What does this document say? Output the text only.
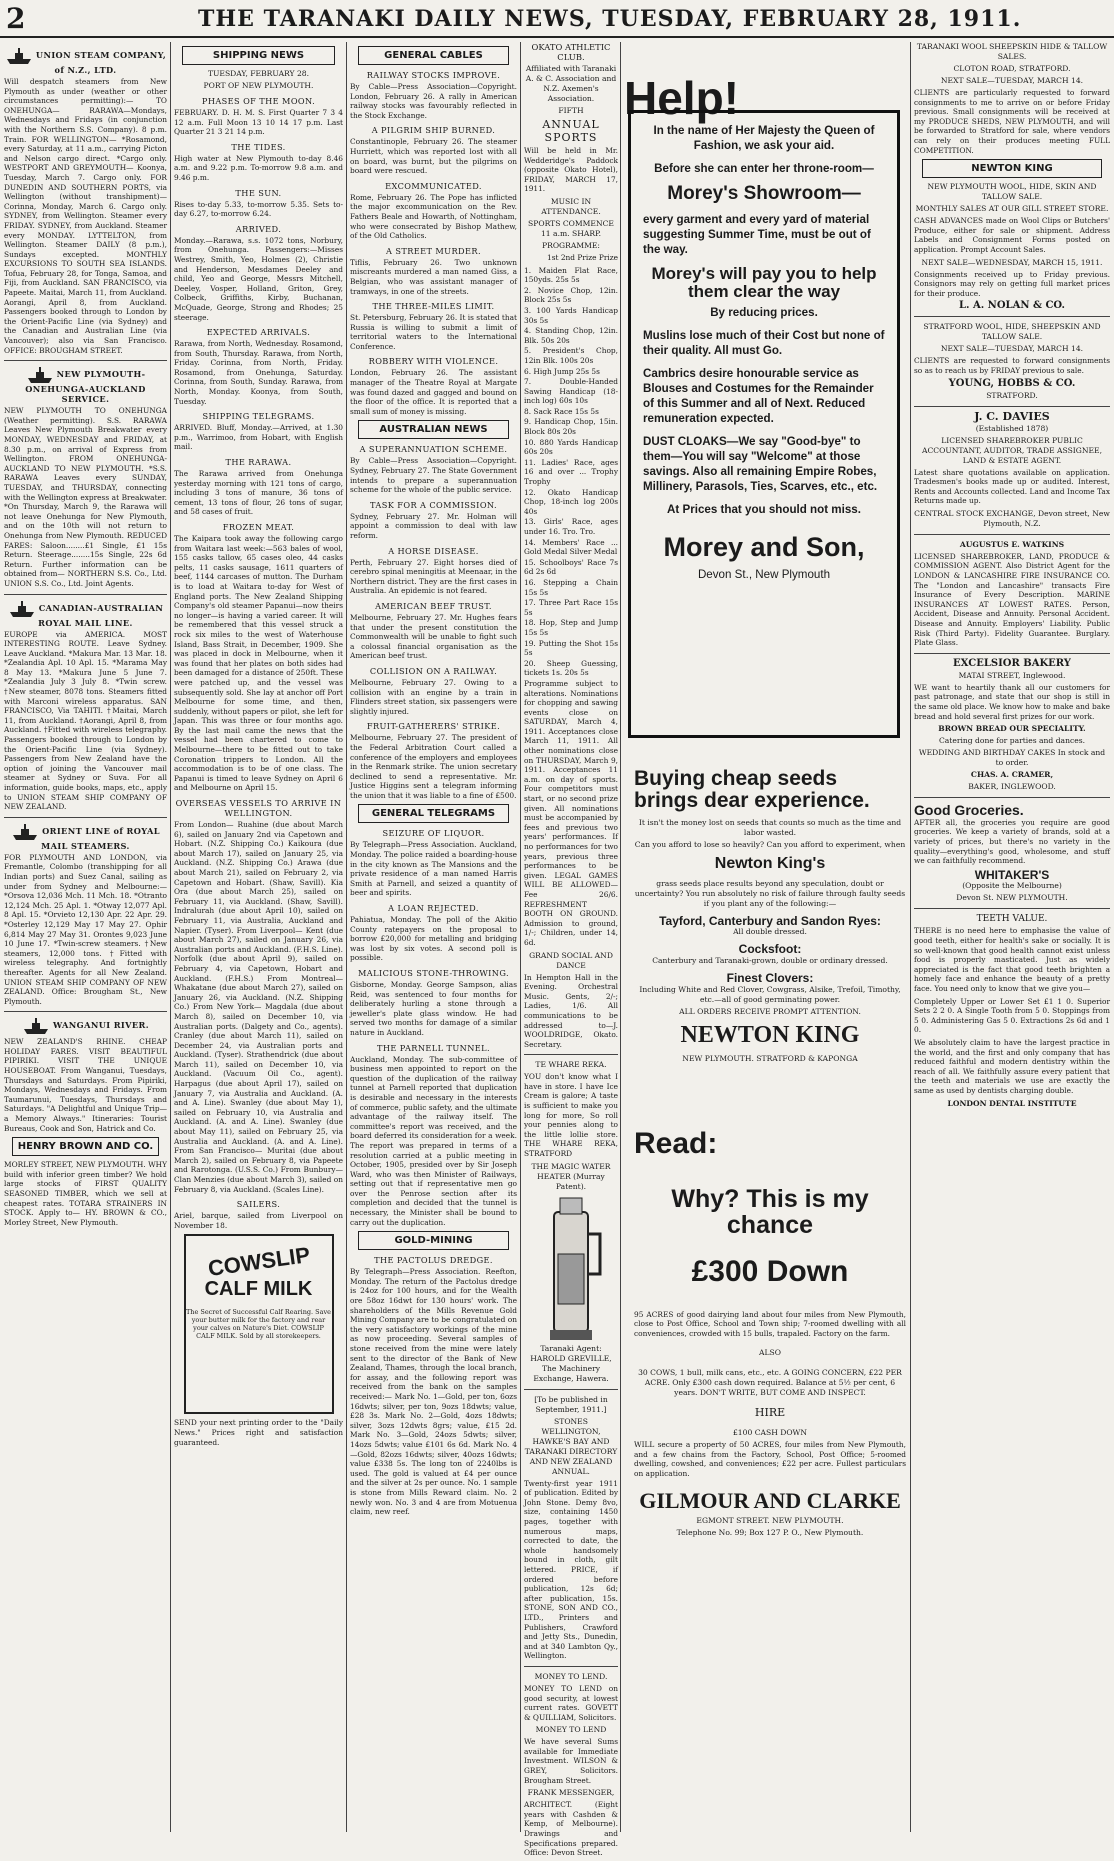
2	THE TARANAKI DAILY NEWS, TUESDAY, FEBRUARY 28, 1911.
UNION STEAM COMPANY, of N.Z., LTD.

Will despatch steamers from New Plymouth as under (weather or other circumstances permitting):— TO ONEHUNGA— RARAWA—Mondays, Wednesdays and Fridays (in conjunction with the Northern S.S. Company). 8 p.m. Train. FOR WELLINGTON— *Rosamond, every Saturday, at 11 a.m., carrying Picton and Nelson cargo direct. *Cargo only. WESTPORT AND GREYMOUTH— Koonya, Tuesday, March 7. Cargo only. FOR DUNEDIN AND SOUTHERN PORTS, via Wellington (without transhipment)— Corinna, Monday, March 6. Cargo only. SYDNEY, from Wellington. Steamer every FRIDAY. SYDNEY, from Auckland. Steamer every MONDAY. LYTTELTON, from Wellington. Steamer DAILY (8 p.m.), Sundays excepted. MONTHLY EXCURSIONS TO SOUTH SEA ISLANDS. Tofua, February 28, for Tonga, Samoa, and Fiji, from Auckland. SAN FRANCISCO, via Papeete. Maitai, March 11, from Auckland. Aorangi, April 8, from Auckland. Passengers booked through to London by the Orient-Pacific Line (via Sydney) and the Canadian and Australian Line (via Vancouver); also via San Francisco. OFFICE: BROUGHAM STREET.

NEW PLYMOUTH-ONEHUNGA-AUCKLAND SERVICE.

NEW PLYMOUTH TO ONEHUNGA (Weather permitting). S.S. RARAWA Leaves New Plymouth Breakwater every MONDAY, WEDNESDAY and FRIDAY, at 8.30 p.m., on arrival of Express from Wellington. FROM ONEHUNGA-AUCKLAND TO NEW PLYMOUTH. *S.S. RARAWA Leaves every SUNDAY, TUESDAY, and THURSDAY, connecting with the Wellington express at Breakwater. *On Thursday, March 9, the Rarawa will not leave Onehunga for New Plymouth, and on the 10th will not return to Onehunga from New Plymouth. REDUCED FARES: Saloon........£1 Single, £1 15s Return. Steerage........15s Single, 22s 6d Return. Further information can be obtained from— NORTHERN S.S. Co., Ltd. UNION S.S. Co., Ltd. Joint Agents.

CANADIAN-AUSTRALIAN ROYAL MAIL LINE.

EUROPE via AMERICA. MOST INTERESTING ROUTE. Leave Sydney. Leave Auckland. *Makura Mar. 13 Mar. 18. *Zealandia Apl. 10 Apl. 15. *Marama May 8 May 13. *Makura June 5 June 7. *Zealandia July 3 July 8. *Twin screw. †New steamer, 8078 tons. Steamers fitted with Marconi wireless apparatus. SAN FRANCISCO, Via TAHITI. †Maitai, March 11, from Auckland. †Aorangi, April 8, from Auckland. †Fitted with wireless telegraphy. Passengers booked through to London by the Orient-Pacific Line (via Sydney). Passengers from New Zealand have the option of joining the Vancouver mail steamer at Sydney or Suva. For all information, guide books, maps, etc., apply to UNION STEAM SHIP COMPANY OF NEW ZEALAND.

ORIENT LINE of ROYAL MAIL STEAMERS.

FOR PLYMOUTH AND LONDON, via Fremantle, Colombo (transhipping for all Indian ports) and Suez Canal, sailing as under from Sydney and Melbourne:— *Orsova 12,036 Mch. 11 Mch. 18. *Otranto 12,124 Mch. 25 Apl. 1. *Otway 12,077 Apl. 8 Apl. 15. *Orvieto 12,130 Apr. 22 Apr. 29. *Osterley 12,129 May 17 May 27. Ophir 6,814 May 27 May 31. Orontes 9,023 June 10 June 17. *Twin-screw steamers. †New steamers, 12,000 tons. †Fitted with wireless telegraphy. And fortnightly thereafter. Agents for all New Zealand. UNION STEAM SHIP COMPANY OF NEW ZEALAND. Office: Brougham St., New Plymouth.

WANGANUI RIVER.

NEW ZEALAND'S RHINE. CHEAP HOLIDAY FARES. VISIT BEAUTIFUL PIPIRIKI. VISIT THE UNIQUE HOUSEBOAT. From Wanganui, Tuesdays, Thursdays and Saturdays. From Pipiriki, Mondays, Wednesdays and Fridays. From Taumarunui, Tuesdays, Thursdays and Saturdays. "A Delightful and Unique Trip—a Memory Always." Itineraries: Tourist Bureaus, Cook and Son, Hatrick and Co.

HENRY BROWN AND CO.

MORLEY STREET, NEW PLYMOUTH. WHY build with inferior green timber? We hold large stocks of FIRST QUALITY SEASONED TIMBER, which we sell at cheapest rates. TOTARA STRAINERS IN STOCK. Apply to— HY. BROWN & CO., Morley Street, New Plymouth.

SHIPPING NEWS

TUESDAY, FEBRUARY 28.

PORT OF NEW PLYMOUTH.

PHASES OF THE MOON.

FEBRUARY. D. H. M. S. First Quarter 7 3 4 12 a.m. Full Moon 13 10 14 17 p.m. Last Quarter 21 3 21 14 p.m.

THE TIDES.

High water at New Plymouth to-day 8.46 a.m. and 9.22 p.m. To-morrow 9.8 a.m. and 9.46 p.m.

THE SUN.

Rises to-day 5.33, to-morrow 5.35. Sets to-day 6.27, to-morrow 6.24.

ARRIVED.

Monday.—Rarawa, s.s. 1072 tons, Norbury, from Onehunga. Passengers:—Misses Westrey, Smith, Yeo, Holmes (2), Christie and Henderson, Mesdames Deeley and child, Yeo and George, Messrs Mitchell, Deeley, Vosper, Holland, Griton, Grey, Colbeck, Griffiths, Kirby, Buchanan, McQuade, George, Strong and Rhodes; 25 steerage.

EXPECTED ARRIVALS.

Rarawa, from North, Wednesday. Rosamond, from South, Thursday. Rarawa, from North, Friday. Corinna, from North, Friday. Rosamond, from Onehunga, Saturday. Corinna, from South, Sunday. Rarawa, from North, Monday. Koonya, from South, Tuesday.

SHIPPING TELEGRAMS.

ARRIVED. Bluff, Monday.—Arrived, at 1.30 p.m., Warrimoo, from Hobart, with English mail.

THE RARAWA.

The Rarawa arrived from Onehunga yesterday morning with 121 tons of cargo, including 3 tons of manure, 36 tons of cement, 13 tons of flour, 26 tons of sugar, and 58 cases of fruit.

FROZEN MEAT.

The Kaipara took away the following cargo from Waitara last week:—563 bales of wool, 155 casks tallow, 65 cases oleo, 44 casks pelts, 11 casks sausage, 1611 quarters of beef, 1144 carcases of mutton. The Durham is to load at Waitara to-day for West of England ports. The New Zealand Shipping Company's old steamer Papanui—now theirs no longer—is having a varied career. It will be remembered that this vessel struck a rock six miles to the west of Waterhouse Island, Bass Strait, in December, 1909. She was placed in dock in Melbourne, when it was found that her plates on both sides had been damaged for a distance of 250ft. These were patched up, and the vessel was subsequently sold. She lay at anchor off Port Melbourne for some time, and then, suddenly, without papers or pilot, she left for Japan. This was three or four months ago. By the last mail came the news that the vessel had been chartered to come to Melbourne—there to be fitted out to take Coronation trippers to London. All the accommodation is to be of one class. The Papanui is timed to leave Sydney on April 6 and Melbourne on April 15.

OVERSEAS VESSELS TO ARRIVE IN WELLINGTON.

From London— Ruahine (due about March 6), sailed on January 2nd via Capetown and Hobart. (N.Z. Shipping Co.) Kaikoura (due about March 17), sailed on January 25, via Auckland. (N.Z. Shipping Co.) Arawa (due about March 21), sailed on February 2, via Capetown and Hobart. (Shaw, Savill). Kia Ora (due about March 25), sailed on February 11, via Auckland. (Shaw, Savill). Indralurah (due about April 10), sailed on February 11, via Australia, Auckland and Napier. (Tyser). From Liverpool— Kent (due about March 27), sailed on January 26, via Australian ports and Auckland. (F.H.S. Line). Norfolk (due about April 9), sailed on February 4, via Capetown, Hobart and Auckland. (F.H.S.) From Montreal— Whakatane (due about March 27), sailed on January 26, via Auckland. (N.Z. Shipping Co.) From New York— Magdala (due about March 8), sailed on December 10, via Australian ports. (Dalgety and Co., agents). Cranley (due about March 11), sailed on December 24, via Australian ports and Auckland. (Tyser). Strathendrick (due about March 11), sailed on December 10, via Auckland. (Vacuum Oil Co., agent). Harpagus (due about April 17), sailed on January 7, via Australia and Auckland. (A. and A. Line). Swanley (due about May 1), sailed on February 10, via Australia and Auckland. (A. and A. Line). Swanley (due about May 11), sailed on February 25, via Australia and Auckland. (A. and A. Line). From San Francisco— Muritai (due about March 2), sailed on February 8, via Papeete and Rarotonga. (U.S.S. Co.) From Bunbury— Clan Menzies (due about March 3), sailed on February 8, via Auckland. (Scales Line).

SAILERS.

Ariel, barque, sailed from Liverpool on November 18.

COWSLIP
CALF MILK

The Secret of Successful Calf Rearing. Save your butter milk for the factory and rear your calves on Nature's Diet. COWSLIP CALF MILK. Sold by all storekeepers.

SEND your next printing order to the "Daily News." Prices right and satisfaction guaranteed.

GENERAL CABLES
RAILWAY STOCKS IMPROVE.

By Cable—Press Association—Copyright. London, February 26. A rally in American railway stocks was favourably reflected in the Stock Exchange.

A PILGRIM SHIP BURNED.

Constantinople, February 26. The steamer Hurriett, which was reported lost with all on board, was burnt, but the pilgrims on board were rescued.

EXCOMMUNICATED.

Rome, February 26. The Pope has inflicted the major excommunication on the Rev. Fathers Beale and Howarth, of Nottingham, who were consecrated by Bishop Mathew, of the Old Catholics.

A STREET MURDER.

Tiflis, February 26. Two unknown miscreants murdered a man named Giss, a Belgian, who was assistant manager of tramways, in one of the streets.

THE THREE-MILES LIMIT.

St. Petersburg, February 26. It is stated that Russia is willing to submit a limit of territorial waters to the International Conference.

ROBBERY WITH VIOLENCE.

London, February 26. The assistant manager of the Theatre Royal at Margate was found dazed and gagged and bound on the floor of the office. It is reported that a small sum of money is missing.

AUSTRALIAN NEWS
A SUPERANNUATION SCHEME.

By Cable—Press Association—Copyright. Sydney, February 27. The State Government intends to prepare a superannuation scheme for the whole of the public service.

TASK FOR A COMMISSION.

Sydney, February 27. Mr. Holman will appoint a commission to deal with law reform.

A HORSE DISEASE.

Perth, February 27. Eight horses died of cerebro spinal meningitis at Meenaar, in the Northern district. They are the first cases in Australia. An epidemic is not feared.

AMERICAN BEEF TRUST.

Melbourne, February 27. Mr. Hughes fears that under the present constitution the Commonwealth will be unable to fight such a colossal financial organisation as the American beef trust.

COLLISION ON A RAILWAY.

Melbourne, February 27. Owing to a collision with an engine by a train in Flinders street station, six passengers were slightly injured.

FRUIT-GATHERERS' STRIKE.

Melbourne, February 27. The president of the Federal Arbitration Court called a conference of the employers and employees in the Renmark strike. The union secretary declined to send a representative. Mr. Justice Higgins sent a telegram informing the union that it was liable to a fine of £500.

GENERAL TELEGRAMS
SEIZURE OF LIQUOR.

By Telegraph—Press Association. Auckland, Monday. The police raided a boarding-house in the city known as The Mansions and the private residence of a man named Harris Smith at Parnell, and seized a quantity of beer and spirits.

A LOAN REJECTED.

Pahiatua, Monday. The poll of the Akitio County ratepayers on the proposal to borrow £20,000 for metalling and bridging was lost by six votes. A second poll is possible.

MALICIOUS STONE-THROWING.

Gisborne, Monday. George Sampson, alias Reid, was sentenced to four months for deliberately hurling a stone through a jeweller's plate glass window. He had served two months for damage of a similar nature in Auckland.

THE PARNELL TUNNEL.

Auckland, Monday. The sub-committee of business men appointed to report on the question of the duplication of the railway tunnel at Parnell reported that duplication is desirable and necessary in the interests of commerce, public safety, and the ultimate advantage of the railway itself. The committee's report was received, and the board deferred its consideration for a week. The report was prepared in terms of a resolution carried at a public meeting in October, 1905, presided over by Sir Joseph Ward, who was then Minister of Railways, setting out that if representative men go over the Penrose section after its completion and decided that the tunnel is necessary, the Minister shall be bound to carry out the duplication.

GOLD-MINING
THE PACTOLUS DREDGE.

By Telegraph—Press Association. Reefton, Monday. The return of the Pactolus dredge is 24oz for 100 hours, and for the Wealth ore 58oz 16dwt for 130 hours' work. The shareholders of the Mills Revenue Gold Mining Company are to be congratulated on the very satisfactory workings of the mine as now proceeding. Several samples of stone received from the mine were lately sent to the director of the Bank of New Zealand, Thames, through the local branch, for assay, and the following report was received from the bank on the samples received:— Mark No. 1—Gold, per ton, 6ozs 16dwts; silver, per ton, 9ozs 18dwts; value, £28 3s. Mark No. 2—Gold, 4ozs 18dwts; silver, 3ozs 12dwts 8grs; value, £15 2d. Mark No. 3—Gold, 24ozs 5dwts; silver, 14ozs 5dwts; value £101 6s 6d. Mark No. 4—Gold, 82ozs 16dwts; silver, 40ozs 16dwts; value £338 5s. The long ton of 2240lbs is used. The gold is valued at £4 per ounce and the silver at 2s per ounce. No. 1 sample is stone from Mills Reward claim. No. 2 newly won. No. 3 and 4 are from Motuenua claim, new reef.

OKATO ATHLETIC CLUB.

Affiliated with Taranaki A. & C. Association and N.Z. Axemen's Association.

FIFTH

ANNUAL SPORTS

Will be held in Mr. Wedderidge's Paddock (opposite Okato Hotel), FRIDAY, MARCH 17, 1911.

MUSIC IN ATTENDANCE.

SPORTS COMMENCE 11 a.m. SHARP.

PROGRAMME:

1st 2nd Prize Prize

1. Maiden Flat Race, 150yds. 25s 5s

2. Novice Chop, 12in. Block 25s 5s

3. 100 Yards Handicap 30s 5s

4. Standing Chop, 12in. Blk. 50s 20s

5. President's Chop, 12in Blk. 100s 20s

6. High Jump 25s 5s

7. Double-Handed Sawing Handicap (18-inch log) 60s 10s

8. Sack Race 15s 5s

9. Handicap Chop, 15in. Block 80s 20s

10. 880 Yards Handicap 60s 20s

11. Ladies' Race, ages 16 and over ... Trophy Trophy

12. Okato Handicap Chop, 18-inch log 200s 40s

13. Girls' Race, ages under 16. Tro. Tro.

14. Members' Race ... Gold Medal Silver Medal

15. Schoolboys' Race 7s 6d 2s 6d

16. Stepping a Chain 15s 5s

17. Three Part Race 15s 5s

18. Hop, Step and Jump 15s 5s

19. Putting the Shot 15s 5s

20. Sheep Guessing, tickets 1s. 20s 5s

Programme subject to alterations. Nominations for chopping and sawing events close on SATURDAY, March 4, 1911. Acceptances close March 11, 1911. All other nominations close on THURSDAY, March 9, 1911. Acceptances 11 a.m. on day of sports. Four competitors must start, or no second prize given. All nominations must be accompanied by fees and previous two years' performances. If no performances for two years, previous three performances to be given. LEGAL GAMES WILL BE ALLOWED—Fee 26/6. REFRESHMENT BOOTH ON GROUND. Admission to ground, 1/-; Children, under 14, 6d.

GRAND SOCIAL AND DANCE

In Hempton Hall in the Evening. Orchestral Music. Gents, 2/-; Ladies, 1/6. All communications to be addressed to—J. WOOLDRIDGE, Okato. Secretary.

TE WHARE REKA.

YOU don't know what I have in store. I have Ice Cream is galore; A taste is sufficient to make you long for more, So roll your pennies along to the little lollie store. THE WHARE REKA, STRATFORD

THE MAGIC WATER HEATER (Murray Patent).

Taranaki Agent: HAROLD GREVILLE, The Machinery Exchange, Hawera.

[To be published in September, 1911.]

STONES WELLINGTON, HAWKE'S BAY AND TARANAKI DIRECTORY AND NEW ZEALAND ANNUAL.

Twenty-first year 1911 of publication. Edited by John Stone. Demy 8vo, size, containing 1450 pages, together with numerous maps, corrected to date, the whole handsomely bound in cloth, gilt lettered. PRICE, if ordered before publication, 12s 6d; after publication, 15s. STONE, SON AND CO., LTD., Printers and Publishers, Crawford and Jetty Sts., Dunedin, and at 340 Lambton Qy., Wellington.

MONEY TO LEND.

MONEY TO LEND on good security, at lowest current rates. GOVETT & QUILLIAM, Solicitors.

MONEY TO LEND

We have several Sums available for Immediate Investment. WILSON & GREY, Solicitors. Brougham Street.

FRANK MESSENGER,

ARCHITECT. (Eight years with Cashden & Kemp, of Melbourne). Drawings and Specifications prepared. Office: Devon Street.

Help!

In the name of Her Majesty the Queen of Fashion, we ask your aid.

Before she can enter her throne-room—

Morey's Showroom—

every garment and every yard of material suggesting Summer Time, must be out of the way.

Morey's will pay you to help them clear the way

By reducing prices.

Muslins lose much of their Cost but none of their quality. All must Go.

Cambrics desire honourable service as Blouses and Costumes for the Remainder of this Summer and all of Next. Reduced remuneration expected.

DUST CLOAKS—We say "Good-bye" to them—You will say "Welcome" at those savings. Also all remaining Empire Robes, Millinery, Parasols, Ties, Scarves, etc., etc.

At Prices that you should not miss.

Morey and Son,

Devon St., New Plymouth

Buying cheap seeds
brings dear experience.

It isn't the money lost on seeds that counts so much as the time and labor wasted.

Can you afford to lose so heavily? Can you afford to experiment, when

Newton King's

grass seeds place results beyond any speculation, doubt or uncertainty? You run absolutely no risk of failure through faulty seeds if you plant any of the following:—

Tayford, Canterbury and Sandon Ryes:

All double dressed.

Cocksfoot:

Canterbury and Taranaki-grown, double or ordinary dressed.

Finest Clovers:

Including White and Red Clover, Cowgrass, Alsike, Trefoil, Timothy, etc.—all of good germinating power.

ALL ORDERS RECEIVE PROMPT ATTENTION.

NEWTON KING

NEW PLYMOUTH. STRATFORD & KAPONGA

Read:
Why? This is my chance
£300 Down

95 ACRES of good dairying land about four miles from New Plymouth, close to Post Office, School and Town ship; 7-roomed dwelling with all conveniences, crowded with 15 bulls, trapaled. Factory on the farm.

ALSO

30 COWS, 1 bull, milk cans, etc., etc. A GOING CONCERN, £22 PER ACRE. Only £300 cash down required. Balance at 5½ per cent, 6 years. DON'T WRITE, BUT COME AND INSPECT.

HIRE

£100 CASH DOWN

WILL secure a property of 50 ACRES, four miles from New Plymouth, and a few chains from the Factory, School, Post Office; 5-roomed dwelling, cowshed, and conveniences; £22 per acre. Fullest particulars on application.

GILMOUR AND CLARKE

EGMONT STREET. NEW PLYMOUTH.

Telephone No. 99; Box 127 P. O., New Plymouth.

TARANAKI WOOL SHEEPSKIN HIDE & TALLOW SALES.

CLOTON ROAD, STRATFORD.

NEXT SALE—TUESDAY, MARCH 14.

CLIENTS are particularly requested to forward consignments to me to arrive on or before Friday previous. Small consignments will be received at my PRODUCE SHEDS, NEW PLYMOUTH, and will be forwarded to Stratford for sale, where vendors can rely on their produces meeting FULL COMPETITION.

NEWTON KING

NEW PLYMOUTH WOOL, HIDE, SKIN AND TALLOW SALE.

MONTHLY SALES AT OUR GILL STREET STORE.

CASH ADVANCES made on Wool Clips or Butchers' Produce, either for sale or shipment. Address Labels and Consignment Forms posted on application. Prompt Account Sales.

NEXT SALE—WEDNESDAY, MARCH 15, 1911.

Consignments received up to Friday previous. Consignors may rely on getting full market prices for their produce.

L. A. NOLAN & CO.

STRATFORD WOOL, HIDE, SHEEPSKIN AND TALLOW SALE.

NEXT SALE—TUESDAY, MARCH 14.

CLIENTS are requested to forward consignments so as to reach us by FRIDAY previous to sale.

YOUNG, HOBBS & CO.

STRATFORD.

J. C. DAVIES

(Established 1878)

LICENSED SHAREBROKER PUBLIC ACCOUNTANT, AUDITOR, TRADE ASSIGNEE, LAND & ESTATE AGENT.

Latest share quotations available on application. Tradesmen's books made up or audited. Interest, Rents and Accounts collected. Land and Income Tax Returns made up.

CENTRAL STOCK EXCHANGE, Devon street, New Plymouth, N.Z.

AUGUSTUS E. WATKINS

LICENSED SHAREBROKER, LAND, PRODUCE & COMMISSION AGENT. Also District Agent for the LONDON & LANCASHIRE FIRE INSURANCE CO. The "London and Lancashire" transacts Fire Insurance of Every Description. MARINE INSURANCES AT LOWEST RATES. Person, Accident, Disease and Annuity. Personal Accident. Disease and Annuity. Employers' Liability. Public Risk (Third Party). Fidelity Guarantee. Burglary. Plate Glass.

EXCELSIOR BAKERY

MATAI STREET, Inglewood.

WE want to heartily thank all our customers for past patronage, and state that our shop is still in the same old place. We know how to make and bake bread and hold several first prizes for our work.

BROWN BREAD OUR SPECIALITY.

Catering done for parties and dances.

WEDDING AND BIRTHDAY CAKES In stock and to order.

CHAS. A. CRAMER,

BAKER, INGLEWOOD.

Good Groceries.

AFTER all, the groceries you require are good groceries. We keep a variety of brands, sold at a variety of prices, but there's no variety in the quality—everything's good, wholesome, and stuff we can faithfully recommend.

WHITAKER'S

(Opposite the Melbourne)

Devon St. NEW PLYMOUTH.

TEETH VALUE.

THERE is no need here to emphasise the value of good teeth, either for health's sake or socially. It is so well-known that good health cannot exist unless food is properly masticated. Just as widely appreciated is the fact that good teeth brighten a homely face and enhance the beauty of a pretty face. You need only to know that we give you—

Completely Upper or Lower Set £1 1 0. Superior Sets 2 2 0. A Single Tooth from 5 0. Stoppings from 5 0. Administering Gas 5 0. Extractions 2s 6d and 1 0.

We absolutely claim to have the largest practice in the world, and the first and only company that has reduced faithful and modern dentistry within the reach of all. We faithfully assure every patient that the teeth and materials we use are exactly the same as used by dentists charging double.

LONDON DENTAL INSTITUTE
